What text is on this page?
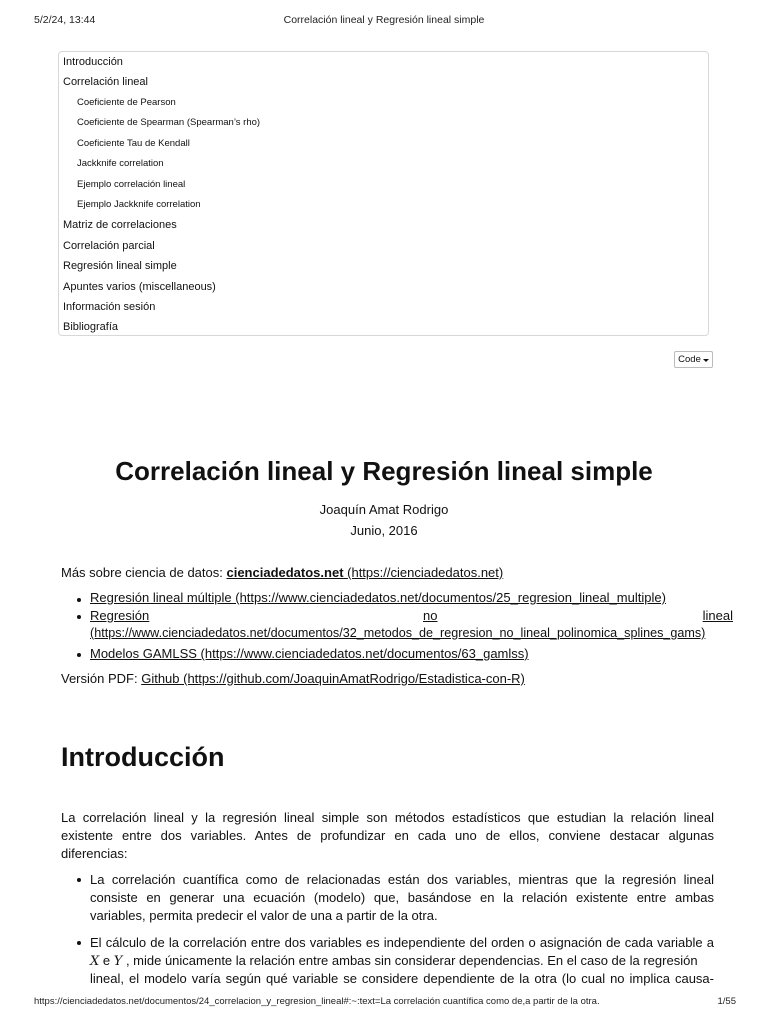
5/2/24, 13:44	Correlación lineal y Regresión lineal simple
Introducción
Correlación lineal
Coeficiente de Pearson
Coeficiente de Spearman (Spearman’s rho)
Coeficiente Tau de Kendall
Jackknife correlation
Ejemplo correlación lineal
Ejemplo Jackknife correlation
Matriz de correlaciones
Correlación parcial
Regresión lineal simple
Apuntes varios (miscellaneous)
Información sesión
Bibliografía
Code
Correlación lineal y Regresión lineal simple
Joaquín Amat Rodrigo
Junio, 2016
Más sobre ciencia de datos: cienciadedatos.net (https://cienciadedatos.net)
Regresión lineal múltiple (https://www.cienciadedatos.net/documentos/25_regresion_lineal_multiple)
Regresión	no	lineal
(https://www.cienciadedatos.net/documentos/32_metodos_de_regresion_no_lineal_polinomica_splines_gams)
Modelos GAMLSS (https://www.cienciadedatos.net/documentos/63_gamlss)
Versión PDF: Github (https://github.com/JoaquinAmatRodrigo/Estadistica-con-R)
Introducción
La correlación lineal y la regresión lineal simple son métodos estadísticos que estudian la relación lineal
existente entre dos variables. Antes de profundizar en cada uno de ellos, conviene destacar algunas
diferencias:
La correlación cuantífica como de relacionadas están dos variables, mientras que la regresión lineal
consiste en generar una ecuación (modelo) que, basándose en la relación existente entre ambas
variables, permita predecir el valor de una a partir de la otra.
El cálculo de la correlación entre dos variables es independiente del orden o asignación de cada variable a
X e Y , mide únicamente la relación entre ambas sin considerar dependencias. En el caso de la regresión
lineal, el modelo varía según qué variable se considere dependiente de la otra (lo cual no implica causa-
https://cienciadedatos.net/documentos/24_correlacion_y_regresion_lineal#:~:text=La correlación cuantífica como de,a partir de la otra.	1/55
